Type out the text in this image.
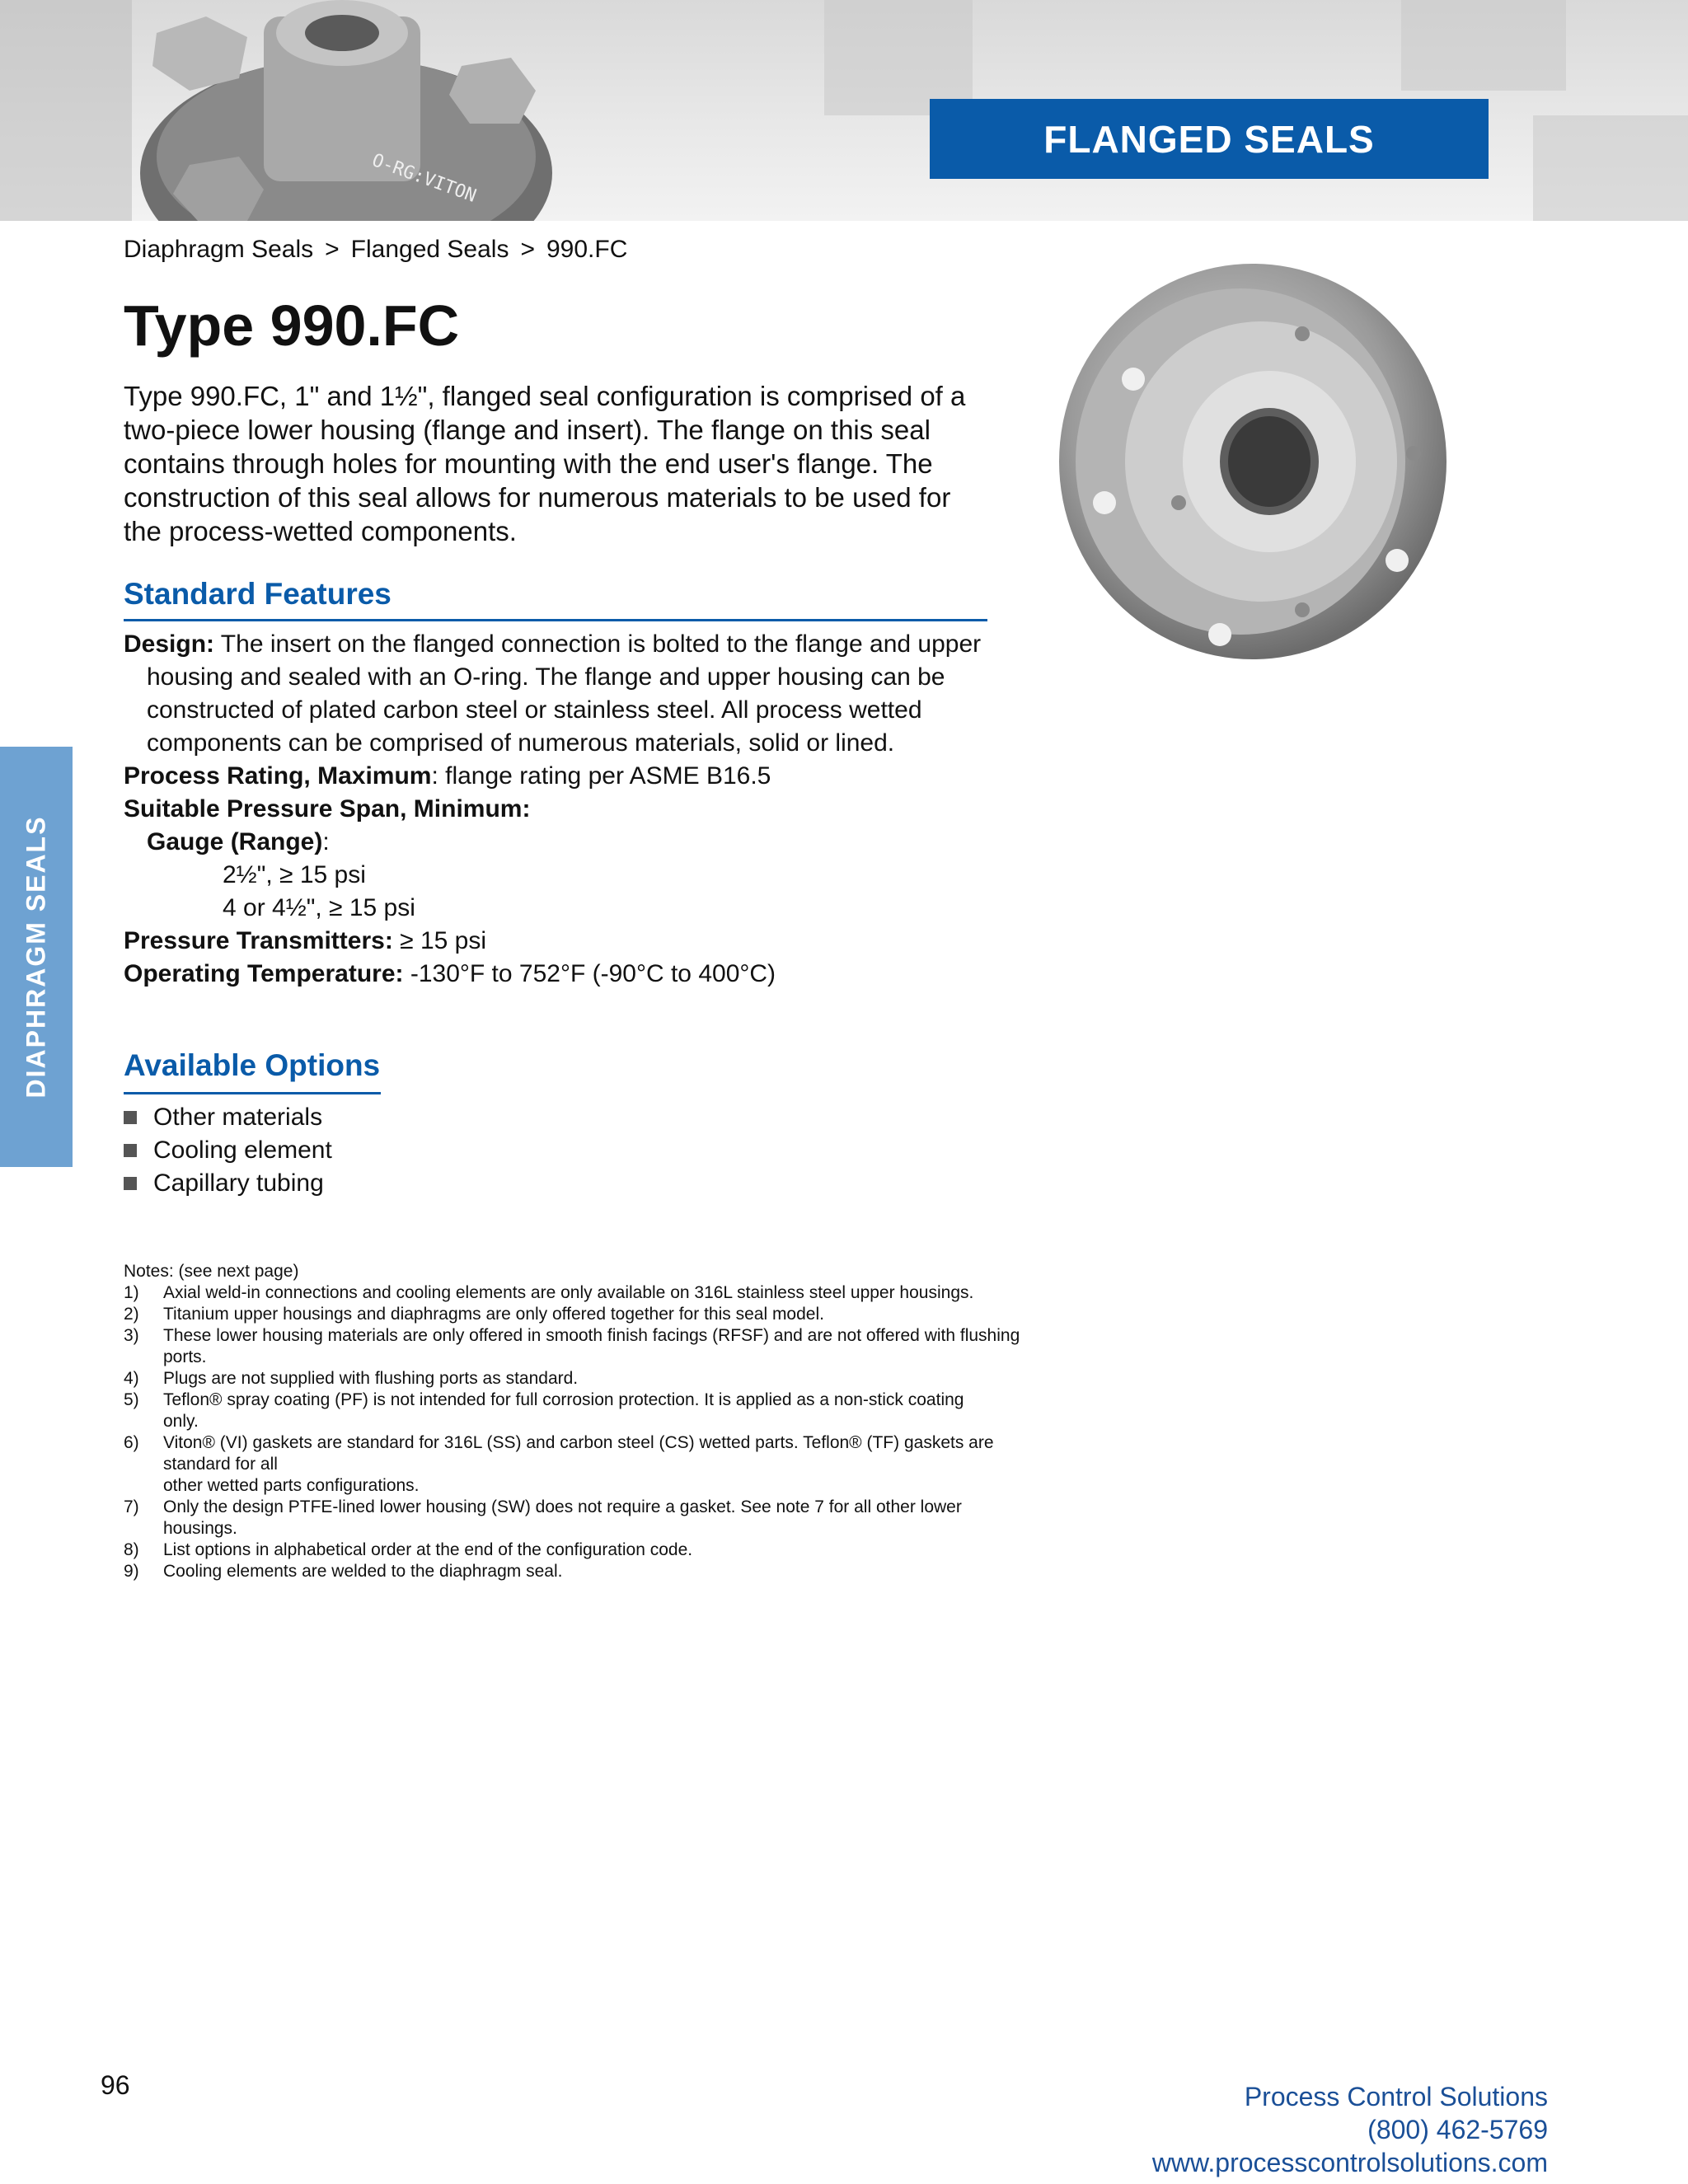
O-RG:VITON
FLANGED SEALS
Diaphragm Seals > Flanged Seals > 990.FC
Type 990.FC

Type 990.FC, 1" and 1½", flanged seal configuration is comprised of a two-piece lower housing (flange and insert). The flange on this seal contains through holes for mounting with the end user's flange. The construction of this seal allows for numerous materials to be used for the process-wetted components.

Standard Features

Design: The insert on the flanged connection is bolted to the flange and upper housing and sealed with an O-ring. The flange and upper housing can be constructed of plated carbon steel or stainless steel. All process wetted components can be comprised of numerous materials, solid or lined.

Process Rating, Maximum: flange rating per ASME B16.5

Suitable Pressure Span, Minimum:

Gauge (Range):

2½", ≥ 15 psi

4 or 4½", ≥ 15 psi

Pressure Transmitters: ≥ 15 psi

Operating Temperature: -130°F to 752°F (-90°C to 400°C)

Available Options
Other materials
Cooling element
Capillary tubing
Notes: (see next page)
1)	Axial weld-in connections and cooling elements are only available on 316L stainless steel upper housings.
2)	Titanium upper housings and diaphragms are only offered together for this seal model.
3)	These lower housing materials are only offered in smooth finish facings (RFSF) and are not offered with flushing ports.
4)	Plugs are not supplied with flushing ports as standard.
5)	Teflon® spray coating (PF) is not intended for full corrosion protection. It is applied as a non-stick coating only.
6)	Viton® (VI) gaskets are standard for 316L (SS) and carbon steel (CS) wetted parts. Teflon® (TF) gaskets are standard for all
other wetted parts configurations.
7)	Only the design PTFE-lined lower housing (SW) does not require a gasket. See note 7 for all other lower housings.
8)	List options in alphabetical order at the end of the configuration code.
9)	Cooling elements are welded to the diaphragm seal.
DIAPHRAGM SEALS
96	Process Control Solutions
(800) 462-5769
www.processcontrolsolutions.com
